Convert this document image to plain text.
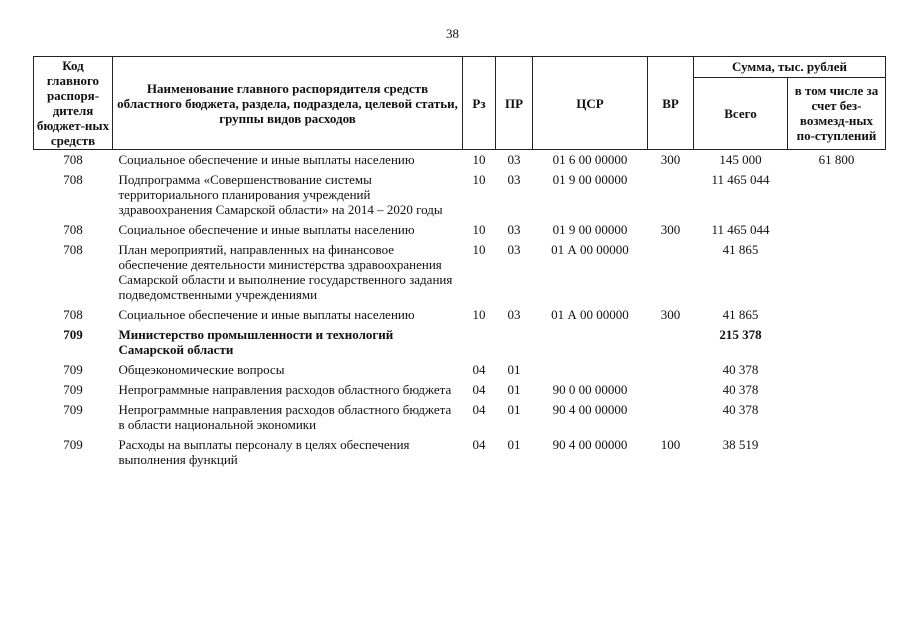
38
Код главного распоря-дителя бюджет-ных средств	Наименование главного распорядителя средств областного бюджета, раздела, подраздела, целевой статьи, группы видов расходов	Рз	ПР	ЦСР	ВР	Сумма, тыс. рублей	
						Всего	в том числе за счет без-возмезд-ных по-ступлений
708	Социальное обеспечение и иные выплаты населению	10	03	01 6 00 00000	300	145 000	61 800
708	Подпрограмма «Совершенствование системы территориального планирования учреждений здравоохранения Самарской области» на 2014 – 2020 годы	10	03	01 9 00 00000		11 465 044	
708	Социальное обеспечение и иные выплаты населению	10	03	01 9 00 00000	300	11 465 044	
708	План мероприятий, направленных на финансовое обеспечение деятельности министерства здравоохранения Самарской области и выполнение государственного задания подведомственными учреждениями	10	03	01 А 00 00000		41 865	
708	Социальное обеспечение и иные выплаты населению	10	03	01 А 00 00000	300	41 865	
709	Министерство промышленности и технологий Самарской области					215 378	
709	Общеэкономические вопросы	04	01			40 378	
709	Непрограммные направления расходов областного бюджета	04	01	90 0 00 00000		40 378	
709	Непрограммные направления расходов областного бюджета в области национальной экономики	04	01	90 4 00 00000		40 378	
709	Расходы на выплаты персоналу в целях обеспечения выполнения функций	04	01	90 4 00 00000	100	38 519	
